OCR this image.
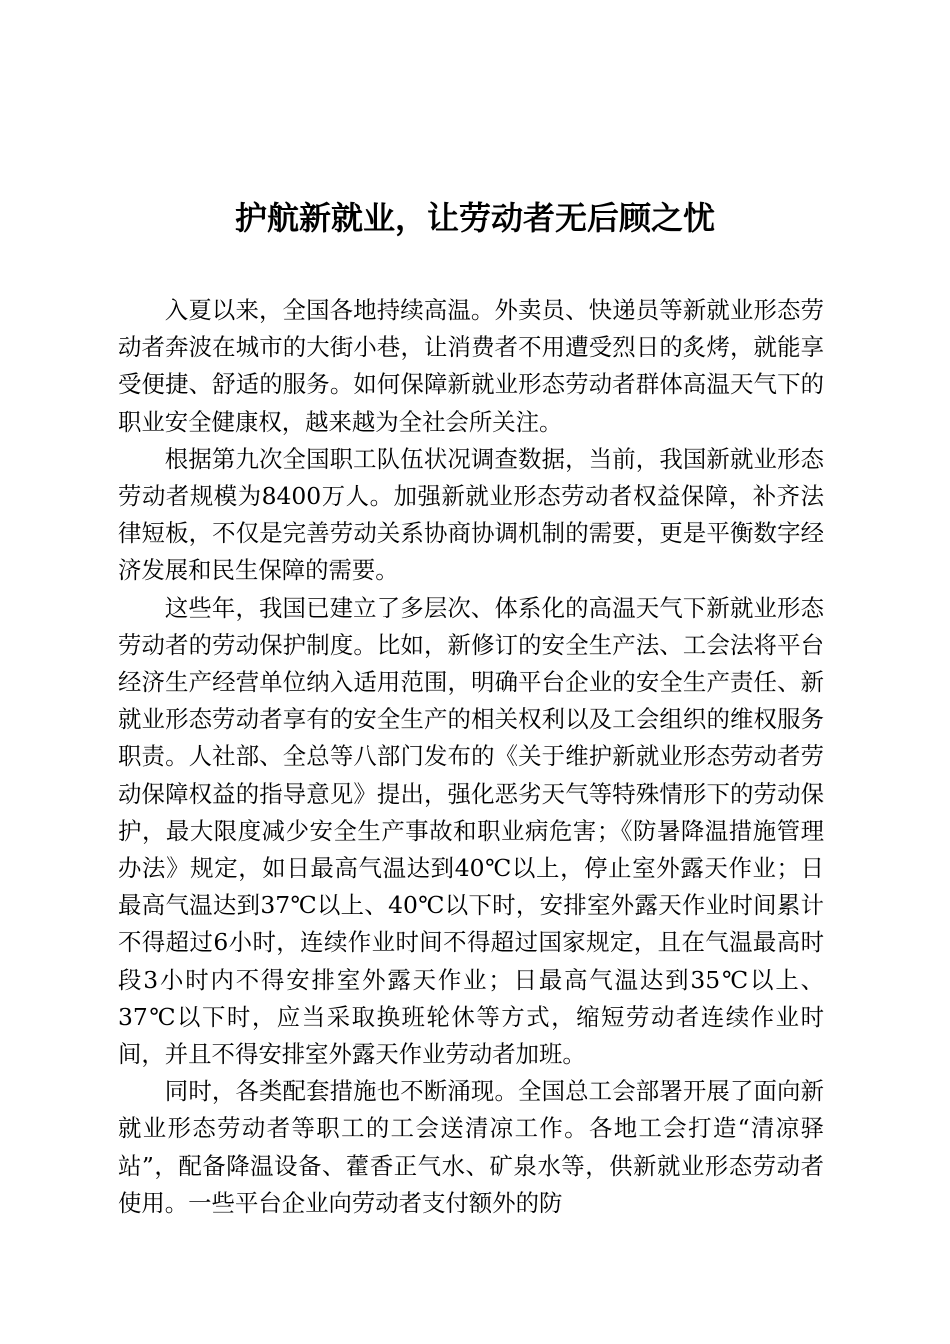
护航新就业，让劳动者无后顾之忧

入夏以来，全国各地持续高温。外卖员、快递员等新就业形态劳动者奔波在城市的大街小巷，让消费者不用遭受烈日的炙烤，就能享受便捷、舒适的服务。如何保障新就业形态劳动者群体高温天气下的职业安全健康权，越来越为全社会所关注。

根据第九次全国职工队伍状况调查数据，当前，我国新就业形态劳动者规模为8400万人。加强新就业形态劳动者权益保障，补齐法律短板，不仅是完善劳动关系协商协调机制的需要，更是平衡数字经济发展和民生保障的需要。

这些年，我国已建立了多层次、体系化的高温天气下新就业形态劳动者的劳动保护制度。比如，新修订的安全生产法、工会法将平台经济生产经营单位纳入适用范围，明确平台企业的安全生产责任、新就业形态劳动者享有的安全生产的相关权利以及工会组织的维权服务职责。人社部、全总等八部门发布的《关于维护新就业形态劳动者劳动保障权益的指导意见》提出，强化恶劣天气等特殊情形下的劳动保护，最大限度减少安全生产事故和职业病危害；《防暑降温措施管理办法》规定，如日最高气温达到40℃以上，停止室外露天作业；日最高气温达到37℃以上、40℃以下时，安排室外露天作业时间累计不得超过6小时，连续作业时间不得超过国家规定，且在气温最高时段3小时内不得安排室外露天作业；日最高气温达到35℃以上、37℃以下时，应当采取换班轮休等方式，缩短劳动者连续作业时间，并且不得安排室外露天作业劳动者加班。

同时，各类配套措施也不断涌现。全国总工会部署开展了面向新就业形态劳动者等职工的工会送清凉工作。各地工会打造“清凉驿站”，配备降温设备、藿香正气水、矿泉水等，供新就业形态劳动者使用。一些平台企业向劳动者支付额外的防
